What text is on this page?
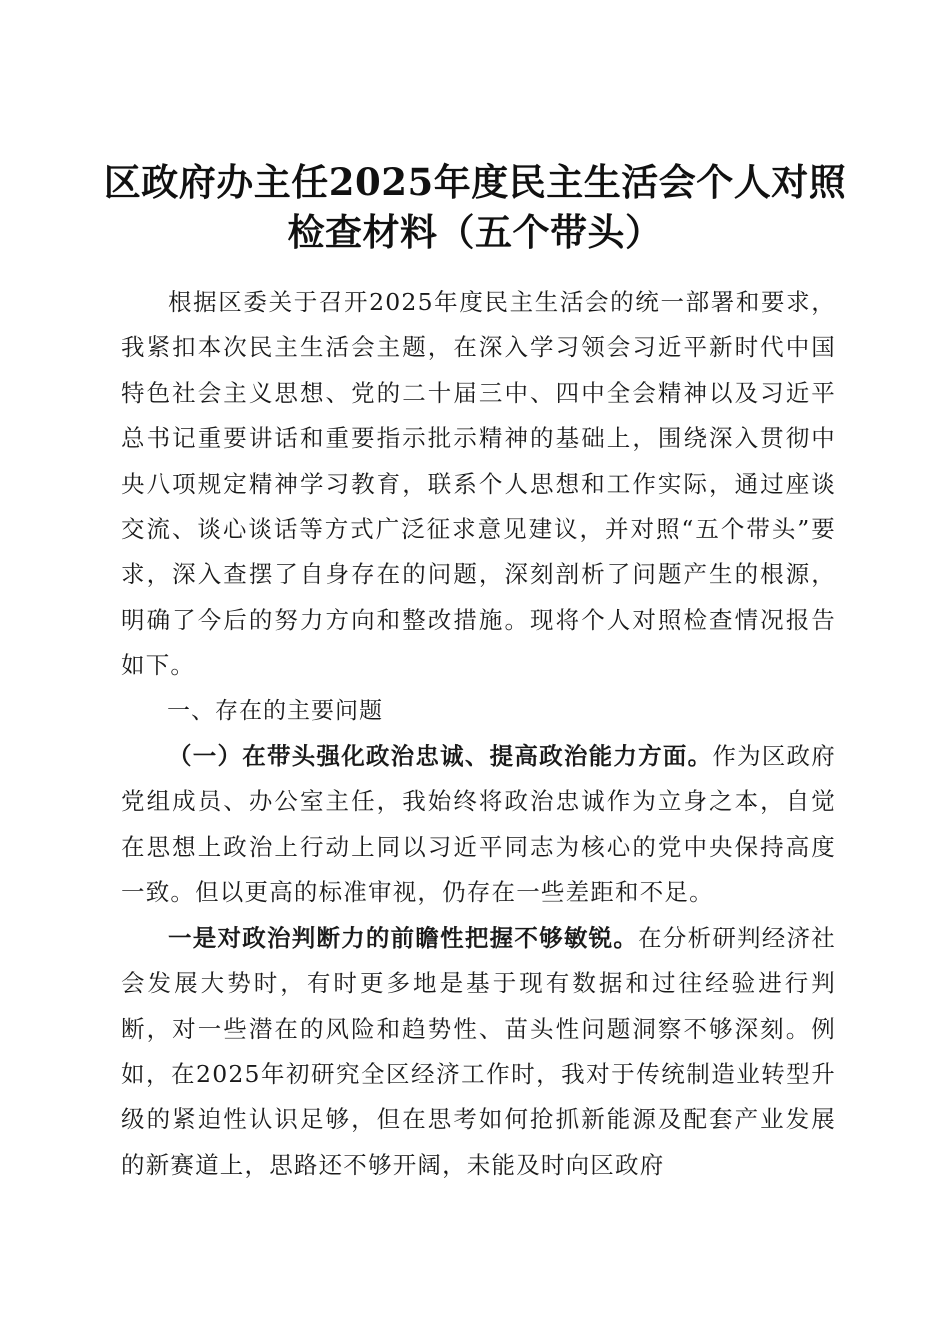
区政府办主任2025年度民主生活会个人对照
检查材料（五个带头）

根据区委关于召开2025年度民主生活会的统一部署和要求，我紧扣本次民主生活会主题，在深入学习领会习近平新时代中国特色社会主义思想、党的二十届三中、四中全会精神以及习近平总书记重要讲话和重要指示批示精神的基础上，围绕深入贯彻中央八项规定精神学习教育，联系个人思想和工作实际，通过座谈交流、谈心谈话等方式广泛征求意见建议，并对照“五个带头”要求，深入查摆了自身存在的问题，深刻剖析了问题产生的根源，明确了今后的努力方向和整改措施。现将个人对照检查情况报告如下。

一、存在的主要问题

（一）在带头强化政治忠诚、提高政治能力方面。作为区政府党组成员、办公室主任，我始终将政治忠诚作为立身之本，自觉在思想上政治上行动上同以习近平同志为核心的党中央保持高度一致。但以更高的标准审视，仍存在一些差距和不足。

一是对政治判断力的前瞻性把握不够敏锐。在分析研判经济社会发展大势时，有时更多地是基于现有数据和过往经验进行判断，对一些潜在的风险和趋势性、苗头性问题洞察不够深刻。例如，在2025年初研究全区经济工作时，我对于传统制造业转型升级的紧迫性认识足够，但在思考如何抢抓新能源及配套产业发展的新赛道上，思路还不够开阔，未能及时向区政府
